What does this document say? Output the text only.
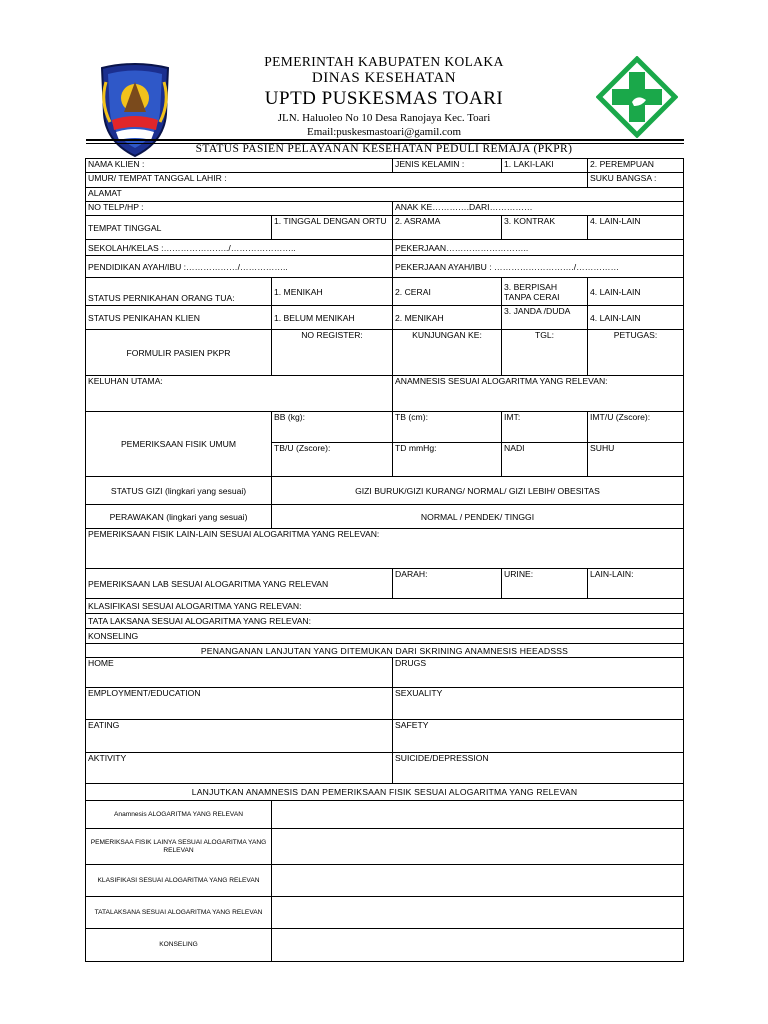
PEMERINTAH KABUPATEN KOLAKA
DINAS KESEHATAN
UPTD PUSKESMAS TOARI
JLN. Haluoleo No 10 Desa Ranojaya Kec. Toari
Email:puskesmastoari@gamil.com
STATUS PASIEN PELAYANAN KESEHATAN PEDULI REMAJA (PKPR)
NAMA KLIEN :		JENIS KELAMIN :	1. LAKI-LAKI	2. PEREMPUAN
UMUR/ TEMPAT TANGGAL LAHIR :				SUKU BANGSA :
ALAMAT				
NO TELP/HP :		ANAK KE………….DARI……………		
TEMPAT TINGGAL	1. TINGGAL DENGAN ORTU	2. ASRAMA	3. KONTRAK	4. LAIN-LAIN
SEKOLAH/KELAS :…………………../…………………..		PEKERJAAN………………………..		
PENDIDIKAN AYAH/IBU :………………/……………..		PEKERJAAN AYAH/IBU : ………………………./……………		
STATUS PERNIKAHAN ORANG TUA:	1. MENIKAH	2. CERAI	3. BERPISAH TANPA CERAI	4. LAIN-LAIN
STATUS PENIKAHAN KLIEN	1. BELUM MENIKAH	2. MENIKAH	3. JANDA /DUDA	4. LAIN-LAIN
FORMULIR PASIEN PKPR	NO REGISTER:	KUNJUNGAN KE:	TGL:	PETUGAS:
KELUHAN UTAMA:		ANAMNESIS SESUAI ALOGARITMA YANG RELEVAN:		
PEMERIKSAAN FISIK UMUM	BB (kg):	TB (cm):	IMT:	IMT/U (Zscore):
	TB/U (Zscore):	TD mmHg:	NADI	SUHU
STATUS GIZI (lingkari yang sesuai)	GIZI BURUK/GIZI KURANG/ NORMAL/ GIZI LEBIH/ OBESITAS			
PERAWAKAN (lingkari yang sesuai)	NORMAL / PENDEK/ TINGGI			
PEMERIKSAAN FISIK LAIN-LAIN SESUAI ALOGARITMA YANG RELEVAN:				
PEMERIKSAAN LAB SESUAI ALOGARITMA YANG RELEVAN		DARAH:	URINE:	LAIN-LAIN:
KLASIFIKASI SESUAI ALOGARITMA YANG RELEVAN:				
TATA LAKSANA SESUAI ALOGARITMA YANG RELEVAN:				
KONSELING				
PENANGANAN LANJUTAN YANG DITEMUKAN DARI SKRINING ANAMNESIS HEEADSSS				
HOME		DRUGS		
EMPLOYMENT/EDUCATION		SEXUALITY		
EATING		SAFETY		
AKTIVITY		SUICIDE/DEPRESSION		
LANJUTKAN ANAMNESIS DAN PEMERIKSAAN FISIK SESUAI ALOGARITMA YANG RELEVAN				
Anamnesis ALOGARITMA YANG RELEVAN				
PEMERIKSAA FISIK LAINYA SESUAI ALOGARITMA YANG RELEVAN				
KLASIFIKASI SESUAI ALOGARITMA YANG RELEVAN				
TATALAKSANA SESUAI ALOGARITMA YANG RELEVAN				
KONSELING				
